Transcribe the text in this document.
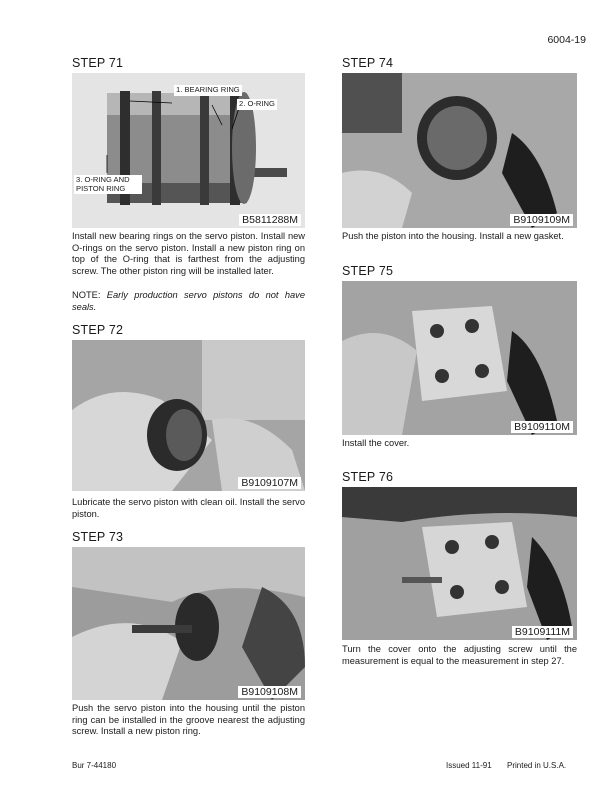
6004-19
STEP 71
1. BEARING RING
2. O-RING
3. O-RING AND PISTON RING
B5811288M
Install new bearing rings on the servo piston. Install new O-rings on the servo piston. Install a new piston ring on top of the O-ring that is farthest from the adjusting screw. The other piston ring will be installed later.
NOTE: Early production servo pistons do not have seals.
STEP 72
B9109107M
Lubricate the servo piston with clean oil. Install the servo piston.
STEP 73
B9109108M
Push the servo piston into the housing until the piston ring can be installed in the groove nearest the adjusting screw. Install a new piston ring.
STEP 74
B9109109M
Push the piston into the housing. Install a new gasket.
STEP 75
B9109110M
Install the cover.
STEP 76
B9109111M
Turn the cover onto the adjusting screw until the measurement is equal to the measurement in step 27.
Bur 7-44180	Issued 11-91 Printed in U.S.A.
